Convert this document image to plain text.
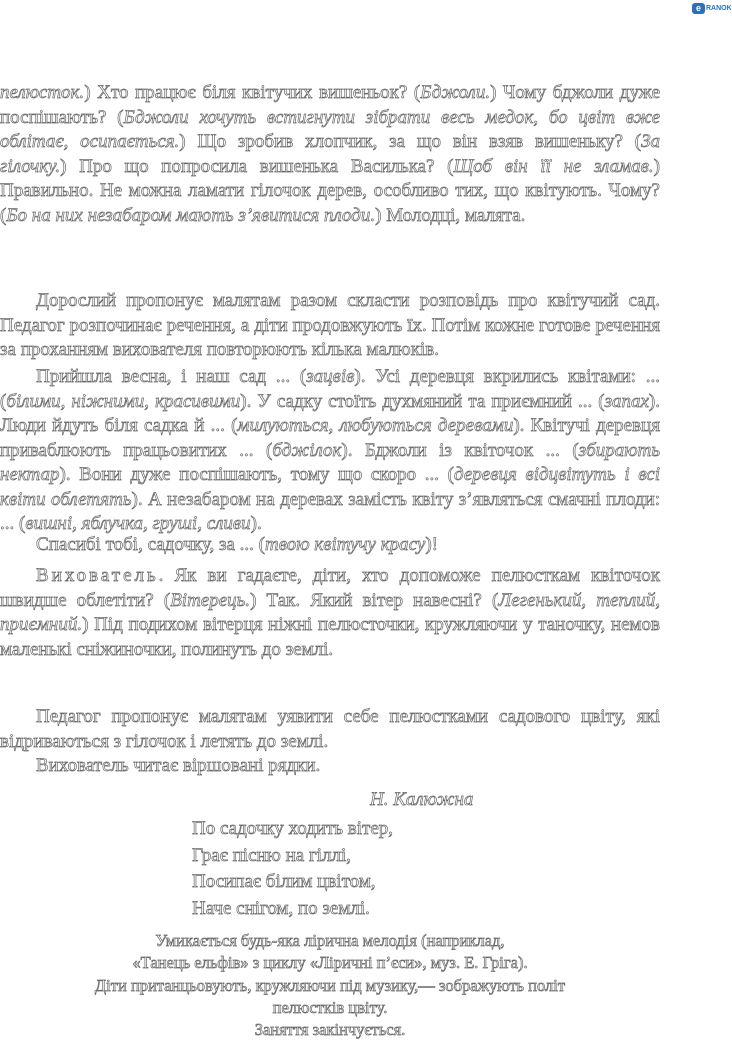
e RANOK

пелюсток.) Хто працює біля квітучих вишеньок? (Бджоли.) Чому бджоли дуже поспішають? (Бджоли хочуть встигнути зібрати весь медок, бо цвіт вже облітає, осипається.) Що зробив хлопчик, за що він взяв вишеньку? (За гілочку.) Про що попросила вишенька Василька? (Щоб він її не зламав.) Правильно. Не можна ламати гілочок дерев, особливо тих, що квітують. Чому? (Бо на них незабаром мають з’явитися плоди.) Молодці, малята.

Дорослий пропонує малятам разом скласти розповідь про квітучий сад. Педагог розпочинає речення, а діти продовжують їх. Потім кожне готове речення за проханням вихователя повторюють кілька малюків.

Прийшла весна, і наш сад ... (зацвів). Усі деревця вкрились квітами: ... (білими, ніжними, красивими). У садку стоїть духмяний та приємний ... (запах). Люди йдуть біля садка й ... (милуються, любуються деревами). Квітучі деревця приваблюють працьовитих ... (бджілок). Бджоли із квіточок ... (збирають нектар). Вони дуже поспішають, тому що скоро ... (деревця відцвітуть і всі квіти облетять). А незабаром на деревах замість квіту з’являться смачні плоди: ... (вишні, яблучка, груші, сливи).

Спасибі тобі, садочку, за ... (твою квітучу красу)!

Вихователь. Як ви гадаєте, діти, хто допоможе пелюсткам квіточок швидше облетіти? (Вітерець.) Так. Який вітер навесні? (Легенький, теплий, приємний.) Під подихом вітерця ніжні пелюсточки, кружляючи у таночку, немов маленькі сніжиночки, полинуть до землі.

Педагог пропонує малятам уявити себе пелюстками садового цвіту, які відриваються з гілочок і летять до землі.

Вихователь читає віршовані рядки.

Н. Калюжна
По садочку ходить вітер,
Грає пісню на гіллі,
Посипає білим цвітом,
Наче снігом, по землі.
Умикається будь-яка лірична мелодія (наприклад,
«Танець ельфів» з циклу «Ліричні п’єси», муз. Е. Гріга).
Діти пританцьовують, кружляючи під музику,— зображують політ
пелюстків цвіту.
Заняття закінчується.
